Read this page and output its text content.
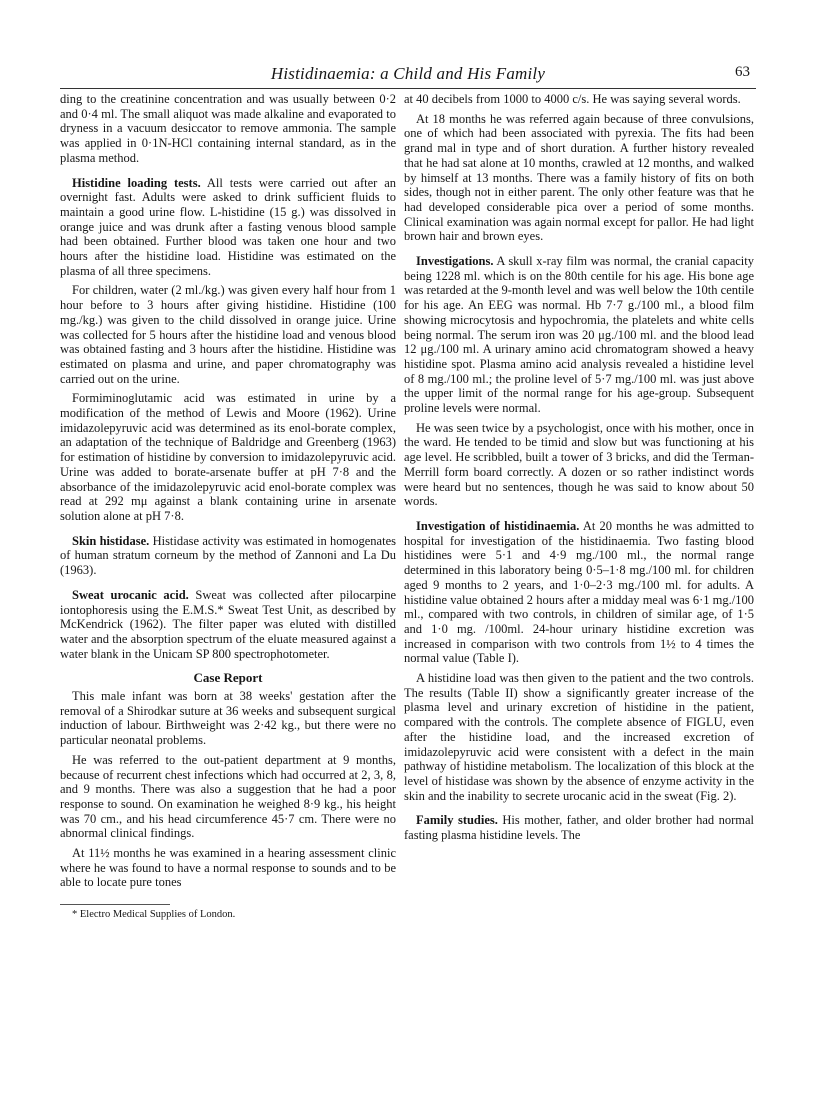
Histidinaemia: a Child and His Family	63

ding to the creatinine concentration and was usually between 0·2 and 0·4 ml. The small aliquot was made alkaline and evaporated to dryness in a vacuum desiccator to remove ammonia. The sample was applied in 0·1N-HCl containing internal standard, as in the plasma method.

Histidine loading tests. All tests were carried out after an overnight fast. Adults were asked to drink sufficient fluids to maintain a good urine flow. L-histidine (15 g.) was dissolved in orange juice and was drunk after a fasting venous blood sample had been obtained. Further blood was taken one hour and two hours after the histidine load. Histidine was estimated on the plasma of all three specimens.

For children, water (2 ml./kg.) was given every half hour from 1 hour before to 3 hours after giving histidine. Histidine (100 mg./kg.) was given to the child dissolved in orange juice. Urine was collected for 5 hours after the histidine load and venous blood was obtained fasting and 3 hours after the histidine. Histidine was estimated on plasma and urine, and paper chromatography was carried out on the urine.

Formiminoglutamic acid was estimated in urine by a modification of the method of Lewis and Moore (1962). Urine imidazolepyruvic acid was determined as its enol-borate complex, an adaptation of the technique of Baldridge and Greenberg (1963) for estimation of histidine by conversion to imidazolepyruvic acid. Urine was added to borate-arsenate buffer at pH 7·8 and the absorbance of the imidazolepyruvic acid enol-borate complex was read at 292 mμ against a blank containing urine in arsenate solution alone at pH 7·8.

Skin histidase. Histidase activity was estimated in homogenates of human stratum corneum by the method of Zannoni and La Du (1963).

Sweat urocanic acid. Sweat was collected after pilocarpine iontophoresis using the E.M.S.* Sweat Test Unit, as described by McKendrick (1962). The filter paper was eluted with distilled water and the absorption spectrum of the eluate measured against a water blank in the Unicam SP 800 spectrophotometer.

Case Report

This male infant was born at 38 weeks' gestation after the removal of a Shirodkar suture at 36 weeks and subsequent surgical induction of labour. Birthweight was 2·42 kg., but there were no particular neonatal problems.

He was referred to the out-patient department at 9 months, because of recurrent chest infections which had occurred at 2, 3, 8, and 9 months. There was also a suggestion that he had a poor response to sound. On examination he weighed 8·9 kg., his height was 70 cm., and his head circumference 45·7 cm. There were no abnormal clinical findings.

At 11½ months he was examined in a hearing assessment clinic where he was found to have a normal response to sounds and to be able to locate pure tones

* Electro Medical Supplies of London.

at 40 decibels from 1000 to 4000 c/s. He was saying several words.

At 18 months he was referred again because of three convulsions, one of which had been associated with pyrexia. The fits had been grand mal in type and of short duration. A further history revealed that he had sat alone at 10 months, crawled at 12 months, and walked by himself at 13 months. There was a family history of fits on both sides, though not in either parent. The only other feature was that he had developed considerable pica over a period of some months. Clinical examination was again normal except for pallor. He had light brown hair and brown eyes.

Investigations. A skull x-ray film was normal, the cranial capacity being 1228 ml. which is on the 80th centile for his age. His bone age was retarded at the 9-month level and was well below the 10th centile for his age. An EEG was normal. Hb 7·7 g./100 ml., a blood film showing microcytosis and hypochromia, the platelets and white cells being normal. The serum iron was 20 μg./100 ml. and the blood lead 12 μg./100 ml. A urinary amino acid chromatogram showed a heavy histidine spot. Plasma amino acid analysis revealed a histidine level of 8 mg./100 ml.; the proline level of 5·7 mg./100 ml. was just above the upper limit of the normal range for his age-group. Subsequent proline levels were normal.

He was seen twice by a psychologist, once with his mother, once in the ward. He tended to be timid and slow but was functioning at his age level. He scribbled, built a tower of 3 bricks, and did the Terman-Merrill form board correctly. A dozen or so rather indistinct words were heard but no sentences, though he was said to know about 50 words.

Investigation of histidinaemia. At 20 months he was admitted to hospital for investigation of the histidinaemia. Two fasting blood histidines were 5·1 and 4·9 mg./100 ml., the normal range determined in this laboratory being 0·5–1·8 mg./100 ml. for children aged 9 months to 2 years, and 1·0–2·3 mg./100 ml. for adults. A histidine value obtained 2 hours after a midday meal was 6·1 mg./100 ml., compared with two controls, in children of similar age, of 1·5 and 1·0 mg. /100ml. 24-hour urinary histidine excretion was increased in comparison with two controls from 1½ to 4 times the normal value (Table I).

A histidine load was then given to the patient and the two controls. The results (Table II) show a significantly greater increase of the plasma level and urinary excretion of histidine in the patient, compared with the controls. The complete absence of FIGLU, even after the histidine load, and the increased excretion of imidazolepyruvic acid were consistent with a defect in the main pathway of histidine metabolism. The localization of this block at the level of histidase was shown by the absence of enzyme activity in the skin and the inability to secrete urocanic acid in the sweat (Fig. 2).

Family studies. His mother, father, and older brother had normal fasting plasma histidine levels. The
